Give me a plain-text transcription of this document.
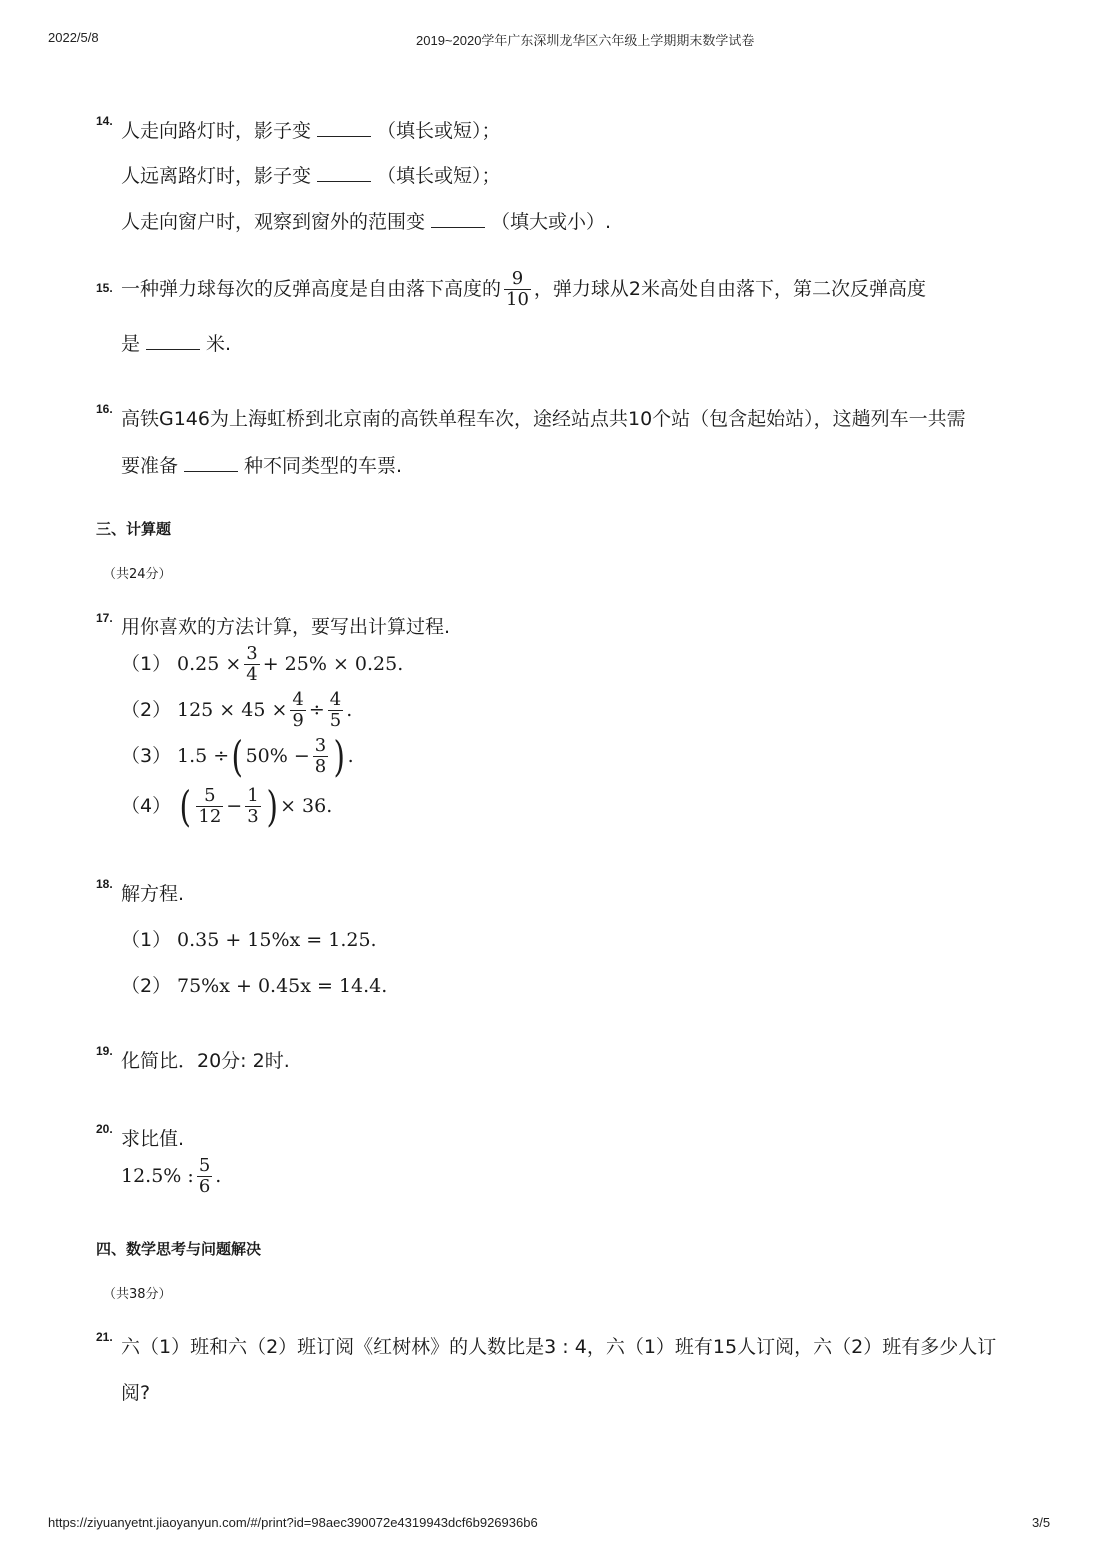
2022/5/8	2019~2020学年广东深圳龙华区六年级上学期期末数学试卷
14. 人走向路灯时，影子变	（填长或短）；
人远离路灯时，影子变	（填长或短）；
人走向窗户时，观察到窗外的范围变	（填大或小）.
15. 一种弹力球每次的反弹高度是自由落下高度的 $\frac{9}{10}$ ，弹力球从2米高处自由落下，第二次反弹高度
是	米.
16. 高铁G146为上海虹桥到北京南的高铁单程车次，途经站点共10个站（包含起始站），这趟列车一共需
要准备	种不同类型的车票.
三、计算题
（共24分）
17. 用你喜欢的方法计算，要写出计算过程.
（1） $0.25 \times \frac{3}{4} + 25\% \times 0.25$.
（2） $125 \times 45 \times \frac{4}{9} \div \frac{4}{5}$ .
（3） 1.5 ÷( $50\% - \frac{3}{8}$ ) .
（4） ( $\frac{5}{12} - \frac{1}{3}$ ) × 36.
18. 解方程.
（1） 0.35 + 15%x = 1.25.
（2） 75%x + 0.45x = 14.4.
19. 化简比．20分: 2时.
20. 求比值.
12.5% : $\frac{5}{6}$ .
四、数学思考与问题解决
（共38分）
21. 六（1）班和六（2）班订阅《红树林》的人数比是3 : 4，六（1）班有15人订阅，六（2）班有多少人订
阅?
https://ziyuanyetnt.jiaoyanyun.com/#/print?id=98aec390072e4319943dcf6b926936b6	3/5
